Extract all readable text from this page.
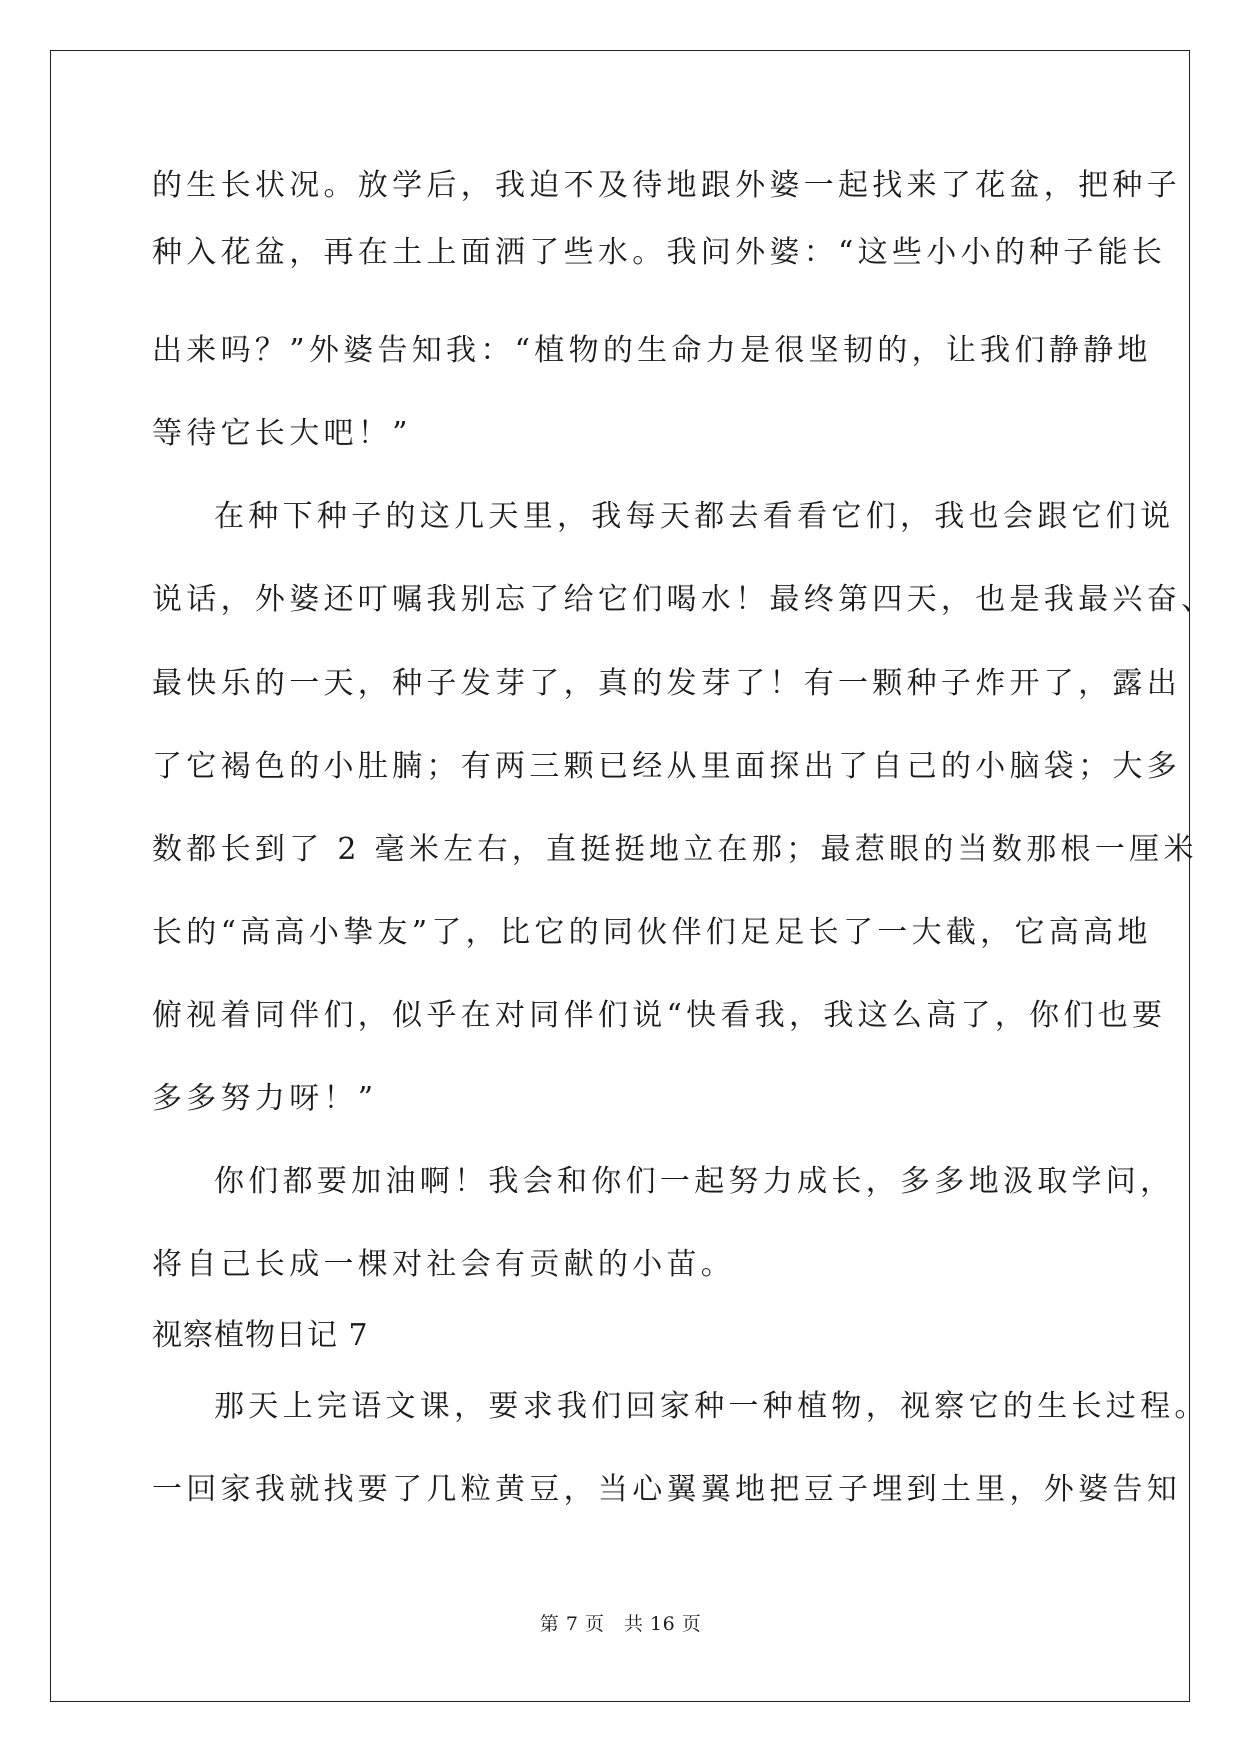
的生长状况。放学后，我迫不及待地跟外婆一起找来了花盆，把种子
种入花盆，再在土上面洒了些水。我问外婆：“这些小小的种子能长
出来吗？”外婆告知我：“植物的生命力是很坚韧的，让我们静静地
等待它长大吧！”
在种下种子的这几天里，我每天都去看看它们，我也会跟它们说
说话，外婆还叮嘱我别忘了给它们喝水！最终第四天，也是我最兴奋、
最快乐的一天，种子发芽了，真的发芽了！有一颗种子炸开了，露出
了它褐色的小肚腩；有两三颗已经从里面探出了自己的小脑袋；大多
数都长到了 2 毫米左右，直挺挺地立在那；最惹眼的当数那根一厘米
长的“高高小挚友”了，比它的同伙伴们足足长了一大截，它高高地
俯视着同伴们，似乎在对同伴们说“快看我，我这么高了，你们也要
多多努力呀！”
你们都要加油啊！我会和你们一起努力成长，多多地汲取学问，
将自己长成一棵对社会有贡献的小苗。
视察植物日记 7
那天上完语文课，要求我们回家种一种植物，视察它的生长过程。
一回家我就找要了几粒黄豆，当心翼翼地把豆子埋到土里，外婆告知
第 7 页　共 16 页
